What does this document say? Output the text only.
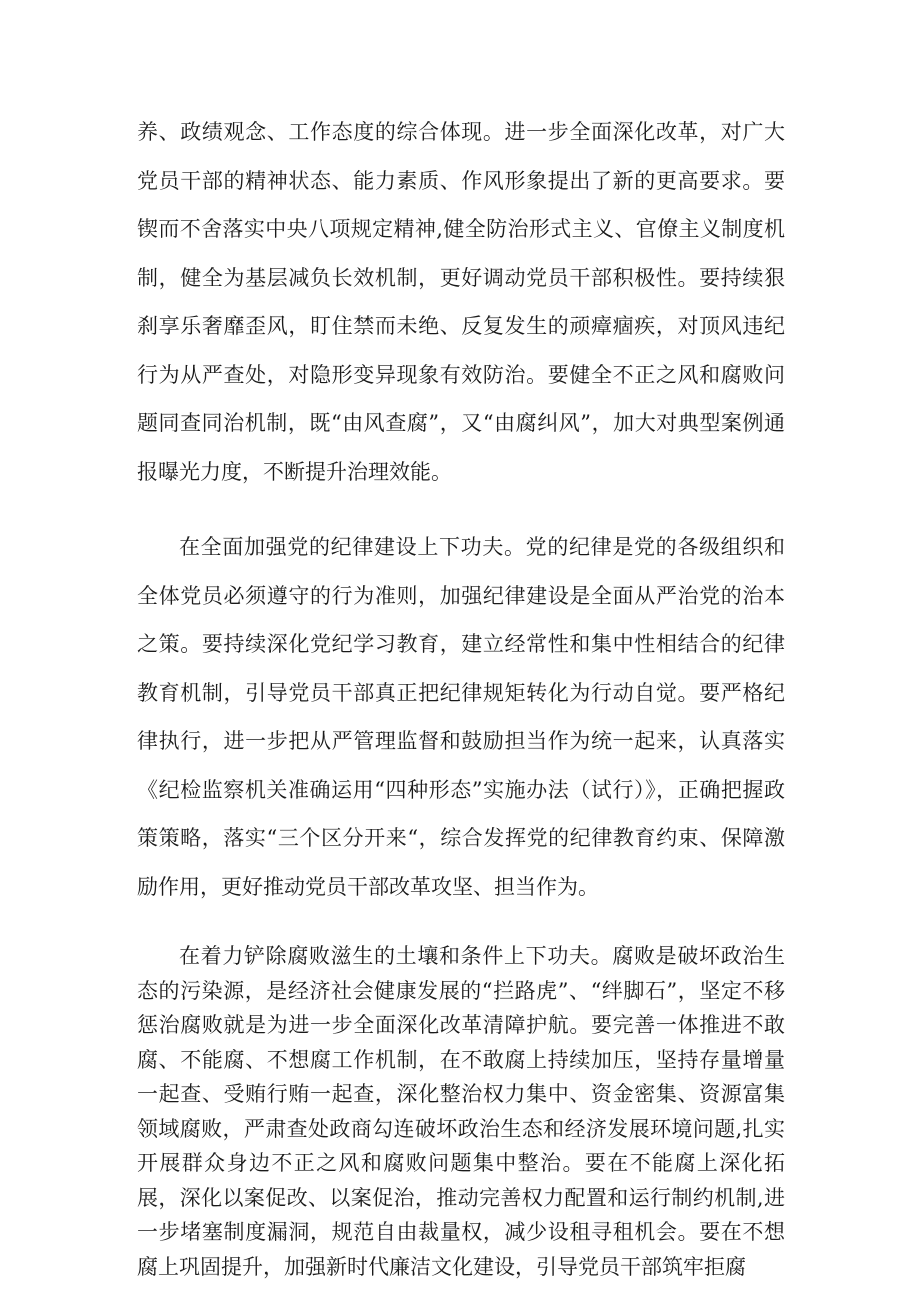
养、政绩观念、工作态度的综合体现。进一步全面深化改革，对广大党员干部的精神状态、能力素质、作风形象提出了新的更高要求。要锲而不舍落实中央八项规定精神,健全防治形式主义、官僚主义制度机制，健全为基层减负长效机制，更好调动党员干部积极性。要持续狠刹享乐奢靡歪风，盯住禁而未绝、反复发生的顽瘴痼疾，对顶风违纪行为从严查处，对隐形变异现象有效防治。要健全不正之风和腐败问题同查同治机制，既“由风查腐”，又“由腐纠风”，加大对典型案例通报曝光力度，不断提升治理效能。

在全面加强党的纪律建设上下功夫。党的纪律是党的各级组织和全体党员必须遵守的行为准则，加强纪律建设是全面从严治党的治本之策。要持续深化党纪学习教育，建立经常性和集中性相结合的纪律教育机制，引导党员干部真正把纪律规矩转化为行动自觉。要严格纪律执行，进一步把从严管理监督和鼓励担当作为统一起来，认真落实《纪检监察机关准确运用“四种形态”实施办法（试行）》，正确把握政策策略，落实“三个区分开来“，综合发挥党的纪律教育约束、保障激励作用，更好推动党员干部改革攻坚、担当作为。

在着力铲除腐败滋生的土壤和条件上下功夫。腐败是破坏政治生态的污染源，是经济社会健康发展的“拦路虎”、“绊脚石”，坚定不移惩治腐败就是为进一步全面深化改革清障护航。要完善一体推进不敢腐、不能腐、不想腐工作机制，在不敢腐上持续加压，坚持存量增量一起查、受贿行贿一起查，深化整治权力集中、资金密集、资源富集领域腐败，严肃查处政商勾连破坏政治生态和经济发展环境问题,扎实开展群众身边不正之风和腐败问题集中整治。要在不能腐上深化拓展，深化以案促改、以案促治，推动完善权力配置和运行制约机制,进一步堵塞制度漏洞，规范自由裁量权，减少设租寻租机会。要在不想腐上巩固提升，加强新时代廉洁文化建设，引导党员干部筑牢拒腐
